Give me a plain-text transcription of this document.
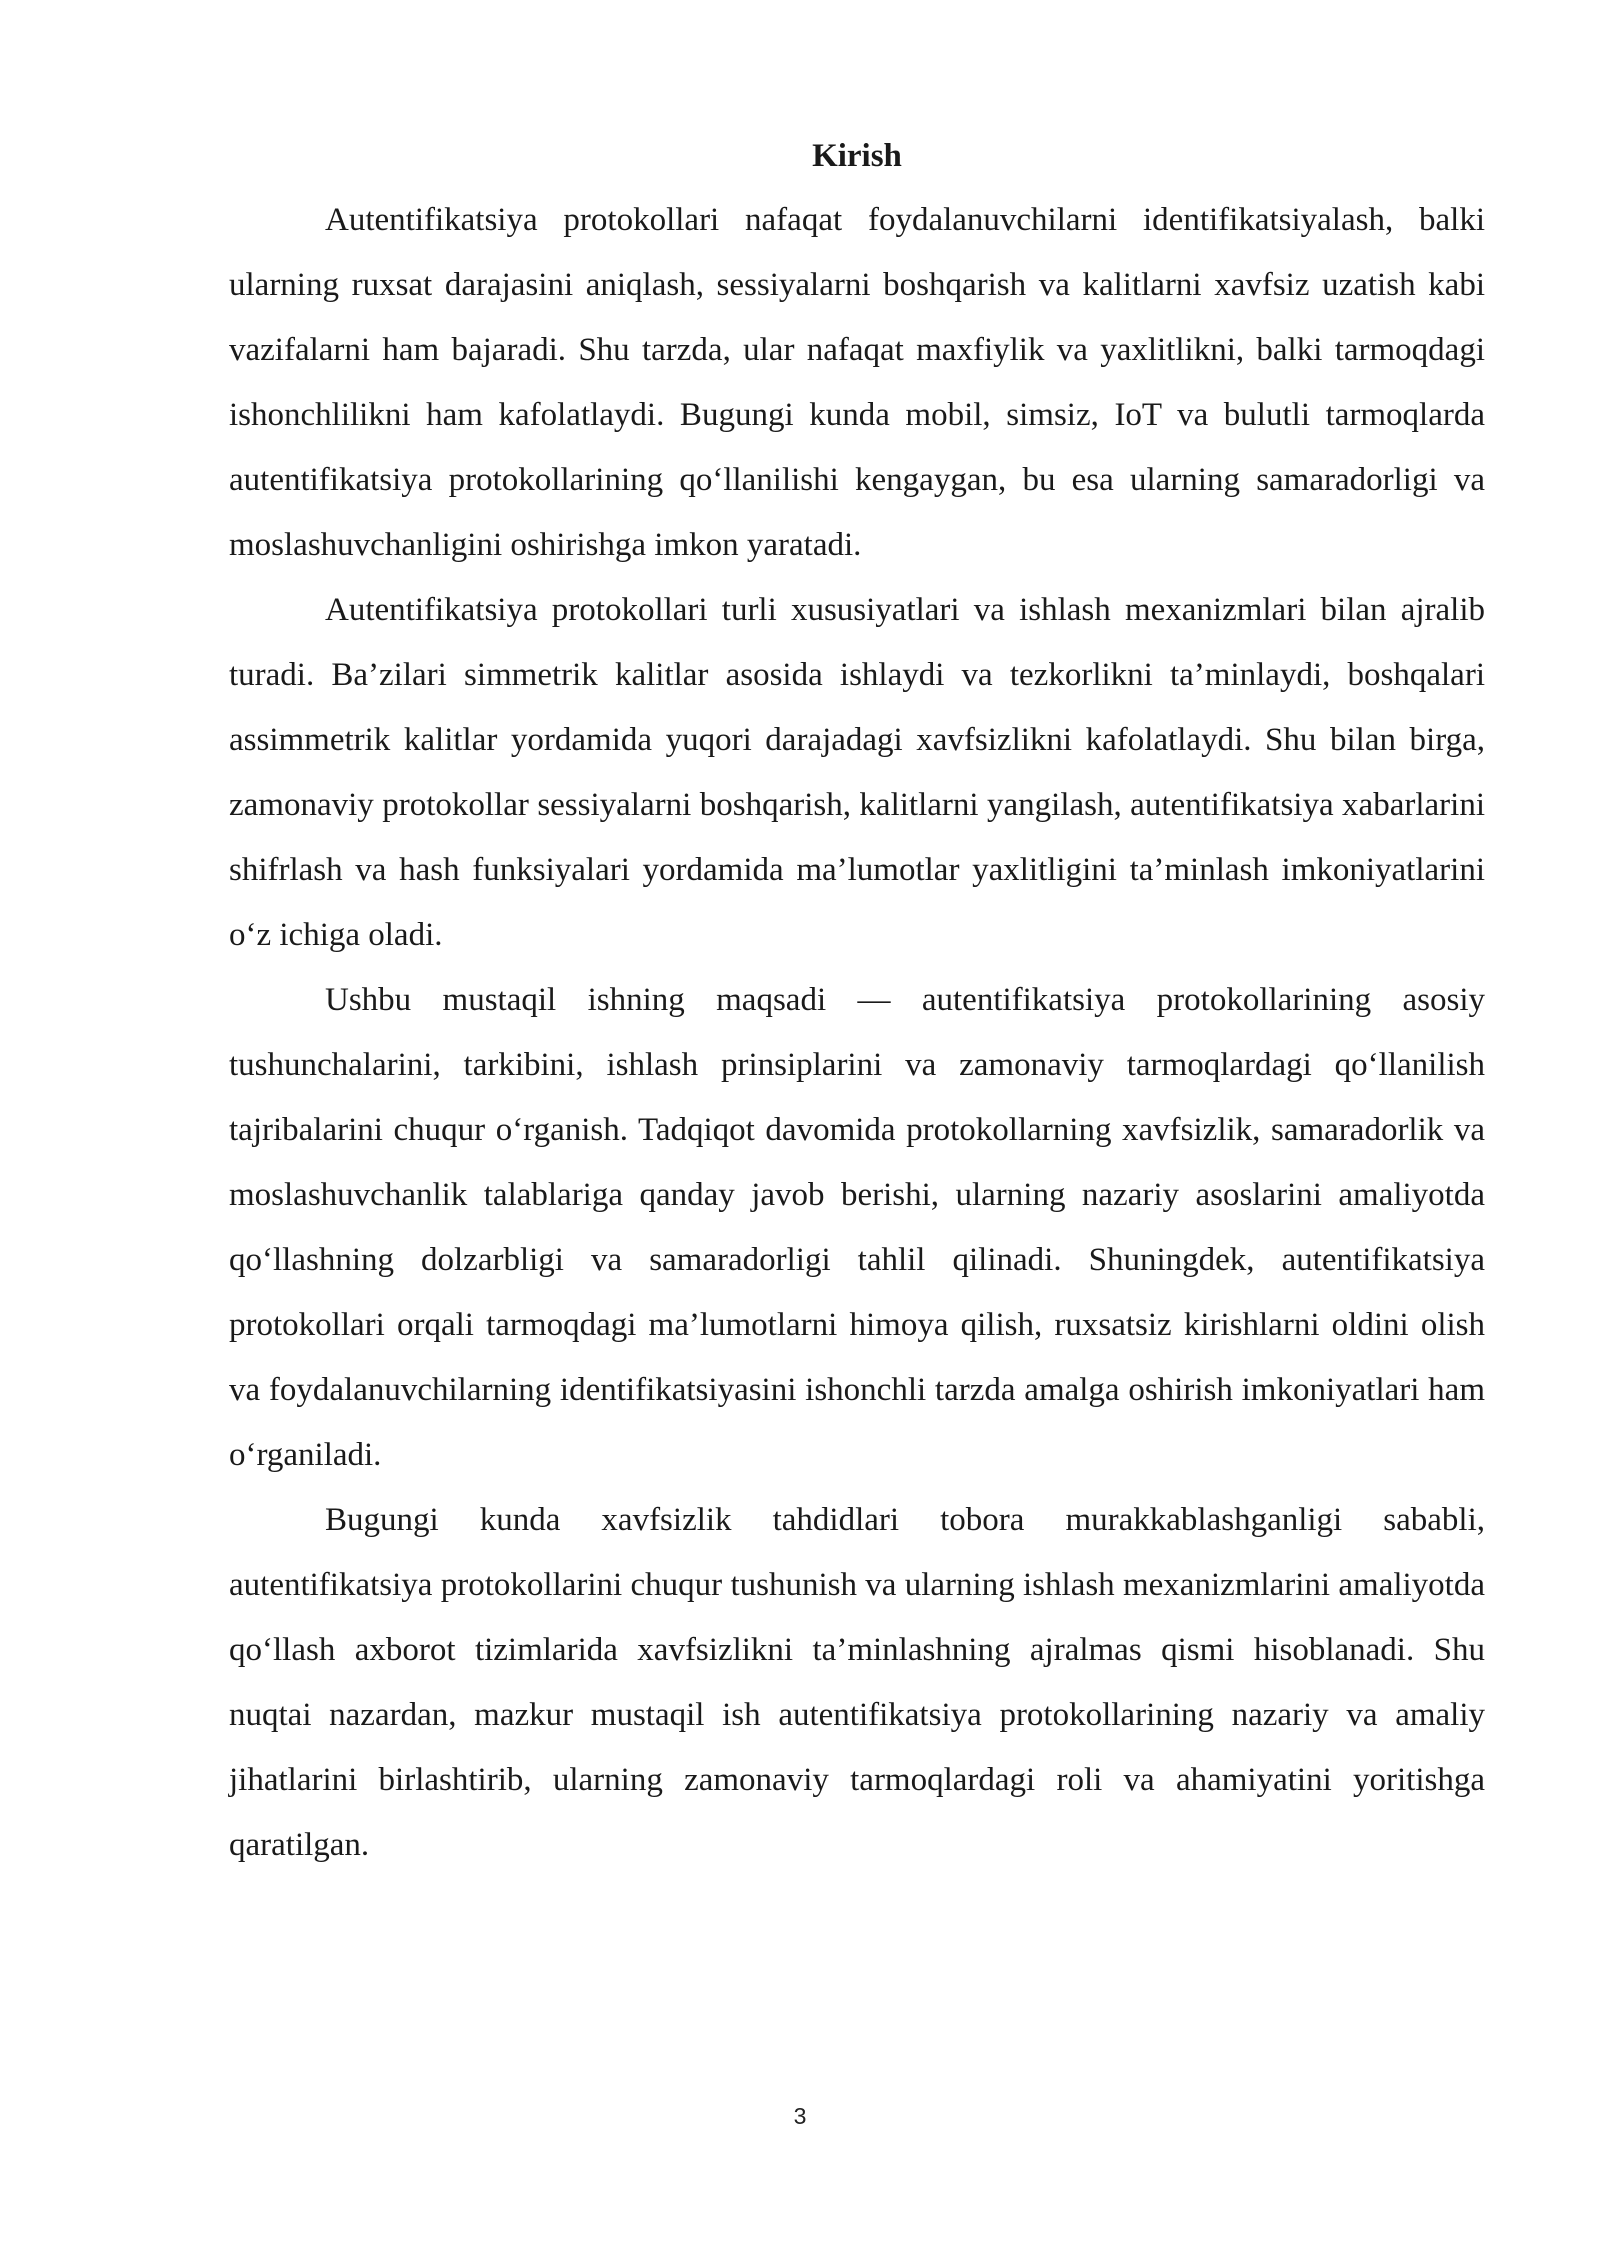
Kirish

Autentifikatsiya protokollari nafaqat foydalanuvchilarni identifikatsiyalash, balki ularning ruxsat darajasini aniqlash, sessiyalarni boshqarish va kalitlarni xavfsiz uzatish kabi vazifalarni ham bajaradi. Shu tarzda, ular nafaqat maxfiylik va yaxlitlikni, balki tarmoqdagi ishonchlilikni ham kafolatlaydi. Bugungi kunda mobil, simsiz, IoT va bulutli tarmoqlarda autentifikatsiya protokollarining qo‘llanilishi kengaygan, bu esa ularning samaradorligi va moslashuvchanligini oshirishga imkon yaratadi.

Autentifikatsiya protokollari turli xususiyatlari va ishlash mexanizmlari bilan ajralib turadi. Ba’zilari simmetrik kalitlar asosida ishlaydi va tezkorlikni ta’minlaydi, boshqalari assimmetrik kalitlar yordamida yuqori darajadagi xavfsizlikni kafolatlaydi. Shu bilan birga, zamonaviy protokollar sessiyalarni boshqarish, kalitlarni yangilash, autentifikatsiya xabarlarini shifrlash va hash funksiyalari yordamida ma’lumotlar yaxlitligini ta’minlash imkoniyatlarini o‘z ichiga oladi.

Ushbu mustaqil ishning maqsadi — autentifikatsiya protokollarining asosiy tushunchalarini, tarkibini, ishlash prinsiplarini va zamonaviy tarmoqlardagi qo‘llanilish tajribalarini chuqur o‘rganish. Tadqiqot davomida protokollarning xavfsizlik, samaradorlik va moslashuvchanlik talablariga qanday javob berishi, ularning nazariy asoslarini amaliyotda qo‘llashning dolzarbligi va samaradorligi tahlil qilinadi. Shuningdek, autentifikatsiya protokollari orqali tarmoqdagi ma’lumotlarni himoya qilish, ruxsatsiz kirishlarni oldini olish va foydalanuvchilarning identifikatsiyasini ishonchli tarzda amalga oshirish imkoniyatlari ham o‘rganiladi.

Bugungi kunda xavfsizlik tahdidlari tobora murakkablashganligi sababli, autentifikatsiya protokollarini chuqur tushunish va ularning ishlash mexanizmlarini amaliyotda qo‘llash axborot tizimlarida xavfsizlikni ta’minlashning ajralmas qismi hisoblanadi. Shu nuqtai nazardan, mazkur mustaqil ish autentifikatsiya protokollarining nazariy va amaliy jihatlarini birlashtirib, ularning zamonaviy tarmoqlardagi roli va ahamiyatini yoritishga qaratilgan.

3
